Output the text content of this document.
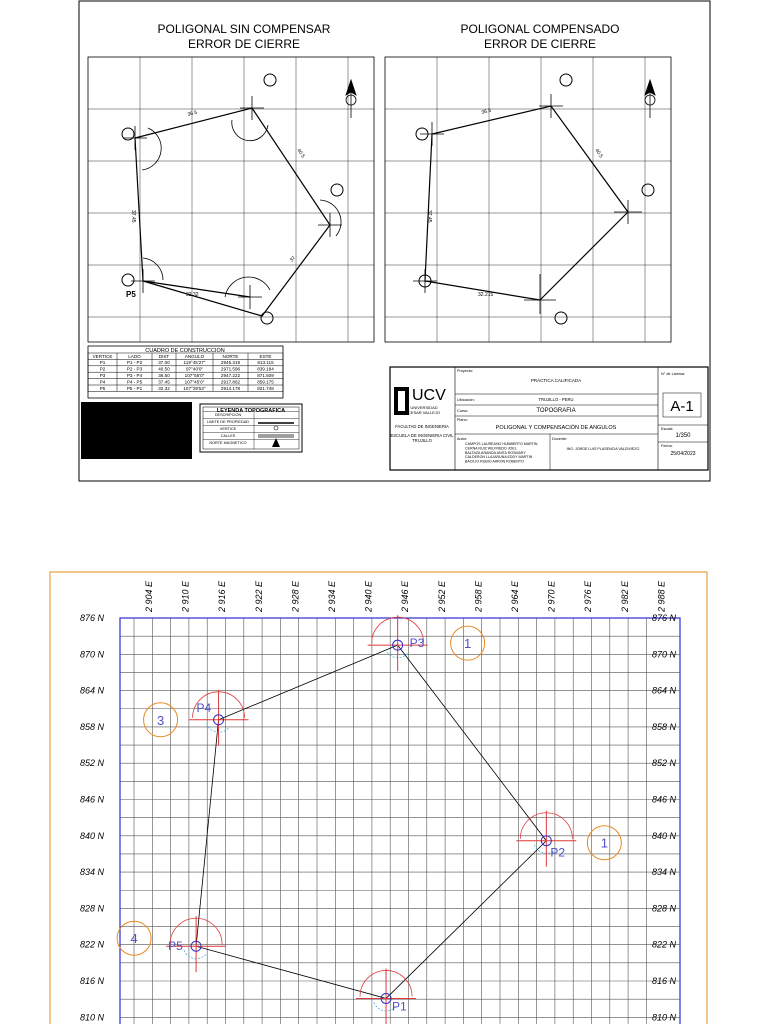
POLIGONAL SIN COMPENSAR
ERROR DE CIERRE
POLIGONAL COMPENSADO
ERROR DE CIERRE
P5
36.5
40.5
37
32.32
37.45
36.5
40.5
32.215
37.45
CUADRO DE CONSTRUCCION
VERTICE	LADO	DIST	ANGULO	NORTE	ESTE
P1	P1 - P2	37.00	119°45'27"	2945.319	813.115
P2	P2 - P3	40.50	97°40'0"	2971.596	839.184
P3	P3 - P4	36.50	107°55'0"	2947.222	871.509
P4	P4 - P5	37.45	107°45'0"	2917.862	859.175
P5	P5 - P1	32.32	107°29'53"	2914.178	821.748
LEYENDA TOPOGRAFICA
DESCRIPCION
LIMITE DE PROPIEDAD
VERTICE
CALLES
NORTE MAGNETICO
UCV
UNIVERSIDAD
CESAR VALLEJO
FACULTAD DE INGENIERIA
ESCUELA DE INGENIERIA CIVIL
TRUJILLO
Proyecto:
PRÁCTICA CALIFICADA
Ubicación:	TRUJILLO - PERU
Curso:	TOPOGRAFIA
Plano:
POLIGONAL Y COMPENSACIÓN DE ANGULOS
Autor:
CAMPOS LAUREANO HUMBERTO MARTIN
CERNA RUIZ WILFREDO JOEL
BALTAZA ARANDA ANITA ROSMARY
CALDERON LLAJARUNA EDDY MARTIN
BACILIO RUBIO AARON ROBERTO
Docente:
ING. JORGE LUIS PLASENCIA VALDIVIEZO
N° de Lámina:
A-1
Escala:
1/350
Fecha:
25/04/2023
2 904 E	2 910 E	2 916 E	2 922 E	2 928 E	2 934 E	2 940 E	2 946 E	2 952 E	2 958 E	2 964 E	2 970 E	2 976 E	2 982 E	2 988 E
876 N	876 N
870 N	870 N
864 N	864 N
858 N	858 N
852 N	852 N
846 N	846 N
840 N	840 N
834 N	834 N
828 N	828 N
822 N	822 N
816 N	816 N
810 N	810 N
P1
P2
P3
P4
P5
1
1
3
4
